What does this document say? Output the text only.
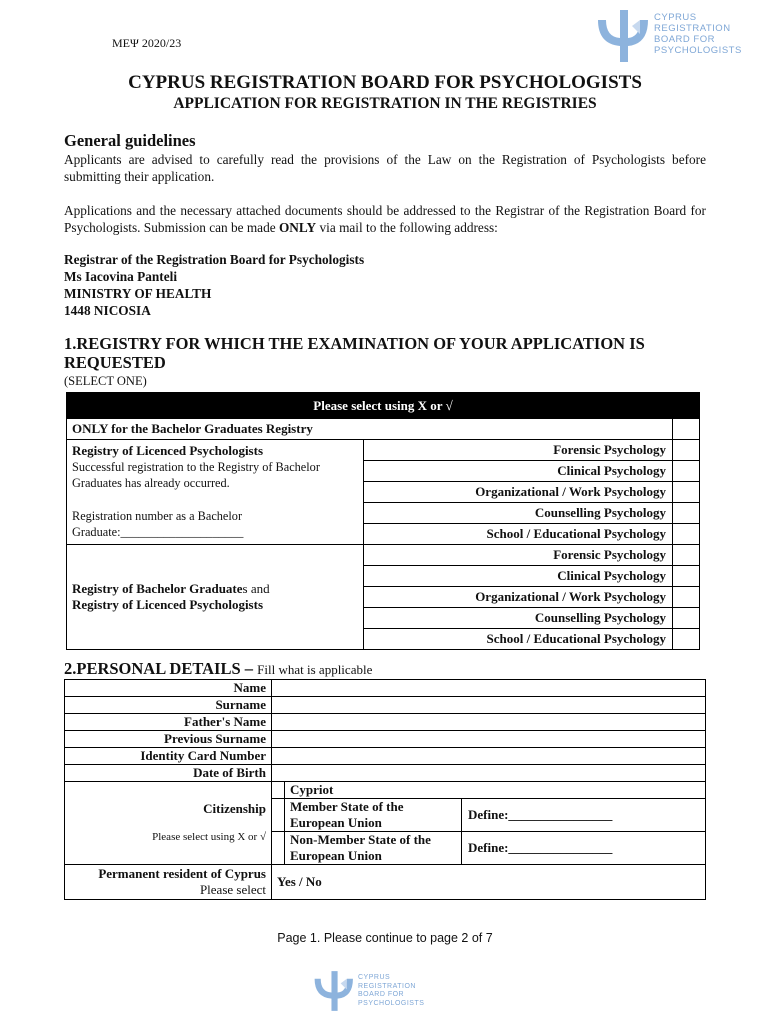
ΜΕΨ 2020/23
CYPRUS
REGISTRATION
BOARD FOR
PSYCHOLOGISTS
CYPRUS REGISTRATION BOARD FOR PSYCHOLOGISTS
APPLICATION FOR REGISTRATION IN THE REGISTRIES
General guidelines
Applicants are advised to carefully read the provisions of the Law on the Registration of Psychologists before submitting their application.
Applications and the necessary attached documents should be addressed to the Registrar of the Registration Board for Psychologists. Submission can be made ONLY via mail to the following address:
Registrar of the Registration Board for Psychologists
Ms Iacovina Panteli
MINISTRY OF HEALTH
1448 NICOSIA
1.REGISTRY FOR WHICH THE EXAMINATION OF YOUR APPLICATION IS REQUESTED
(SELECT ONE)
Please select using X or √		
ONLY for the Bachelor Graduates Registry		

Registry of Licenced Psychologists
Successful registration to the Registry of Bachelor Graduates has already occurred.
Registration number as a Bachelor Graduate:____________________	Forensic Psychology	
	Clinical Psychology	
	Organizational / Work Psychology	
	Counselling Psychology	
	School / Educational Psychology	

Registry of Bachelor Graduates and
Registry of Licenced Psychologists	Forensic Psychology	
	Clinical Psychology	
	Organizational / Work Psychology	
	Counselling Psychology	
	School / Educational Psychology	
2.PERSONAL DETAILS – Fill what is applicable
Name			
Surname			
Father's Name			
Previous Surname			
Identity Card Number			
Date of Birth			

Citizenship
Please select using X or √		Cypriot	
		Member State of the European Union	Define:________________
		Non-Member State of the European Union	Define:________________

Permanent resident of Cyprus
Please select	Yes / No		
Page 1. Please continue to page 2 of 7
CYPRUS
REGISTRATION
BOARD FOR
PSYCHOLOGISTS
